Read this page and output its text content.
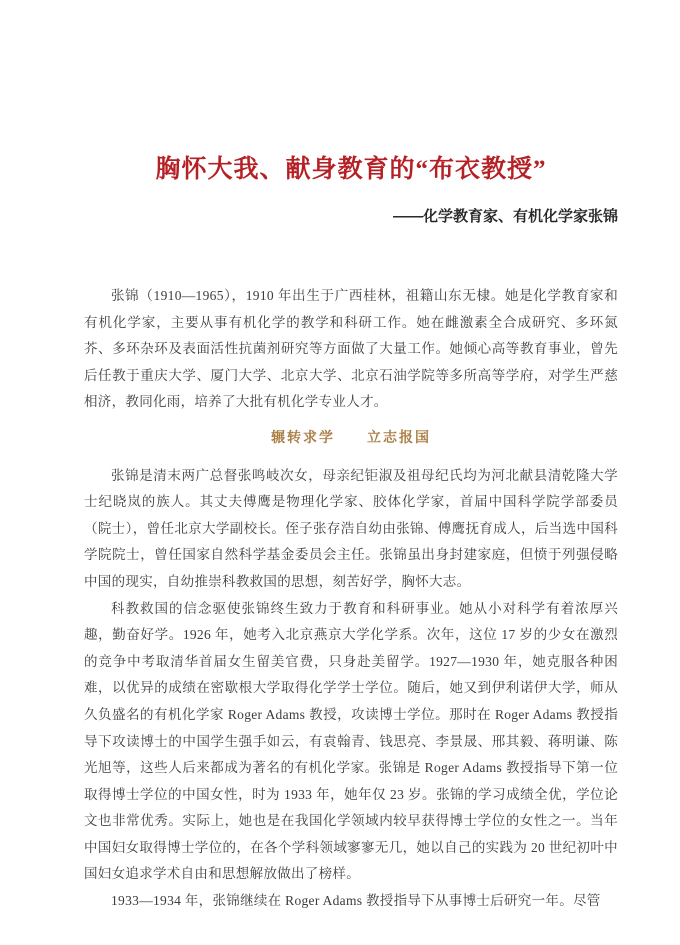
胸怀大我、献身教育的“布衣教授”
——化学教育家、有机化学家张锦

张锦（1910—1965），1910 年出生于广西桂林，祖籍山东无棣。她是化学教育家和有机化学家，主要从事有机化学的教学和科研工作。她在雌激素全合成研究、多环氮芥、多环杂环及表面活性抗菌剂研究等方面做了大量工作。她倾心高等教育事业，曾先后任教于重庆大学、厦门大学、北京大学、北京石油学院等多所高等学府，对学生严慈相济，教同化雨，培养了大批有机化学专业人才。

辗转求学　　立志报国

张锦是清末两广总督张鸣岐次女，母亲纪钜淑及祖母纪氏均为河北献县清乾隆大学士纪晓岚的族人。其丈夫傅鹰是物理化学家、胶体化学家，首届中国科学院学部委员（院士），曾任北京大学副校长。侄子张存浩自幼由张锦、傅鹰抚育成人，后当选中国科学院院士，曾任国家自然科学基金委员会主任。张锦虽出身封建家庭，但愤于列强侵略中国的现实，自幼推崇科教救国的思想，刻苦好学，胸怀大志。

科教救国的信念驱使张锦终生致力于教育和科研事业。她从小对科学有着浓厚兴趣，勤奋好学。1926 年，她考入北京燕京大学化学系。次年，这位 17 岁的少女在激烈的竞争中考取清华首届女生留美官费，只身赴美留学。1927—1930 年，她克服各种困难，以优异的成绩在密歇根大学取得化学学士学位。随后，她又到伊利诺伊大学，师从久负盛名的有机化学家 Roger Adams 教授，攻读博士学位。那时在 Roger Adams 教授指导下攻读博士的中国学生强手如云，有袁翰青、钱思亮、李景晟、邢其毅、蒋明谦、陈光旭等，这些人后来都成为著名的有机化学家。张锦是 Roger Adams 教授指导下第一位取得博士学位的中国女性，时为 1933 年，她年仅 23 岁。张锦的学习成绩全优，学位论文也非常优秀。实际上，她也是在我国化学领域内较早获得博士学位的女性之一。当年中国妇女取得博士学位的，在各个学科领域寥寥无几，她以自己的实践为 20 世纪初叶中国妇女追求学术自由和思想解放做出了榜样。

1933—1934 年，张锦继续在 Roger Adams 教授指导下从事博士后研究一年。尽管
